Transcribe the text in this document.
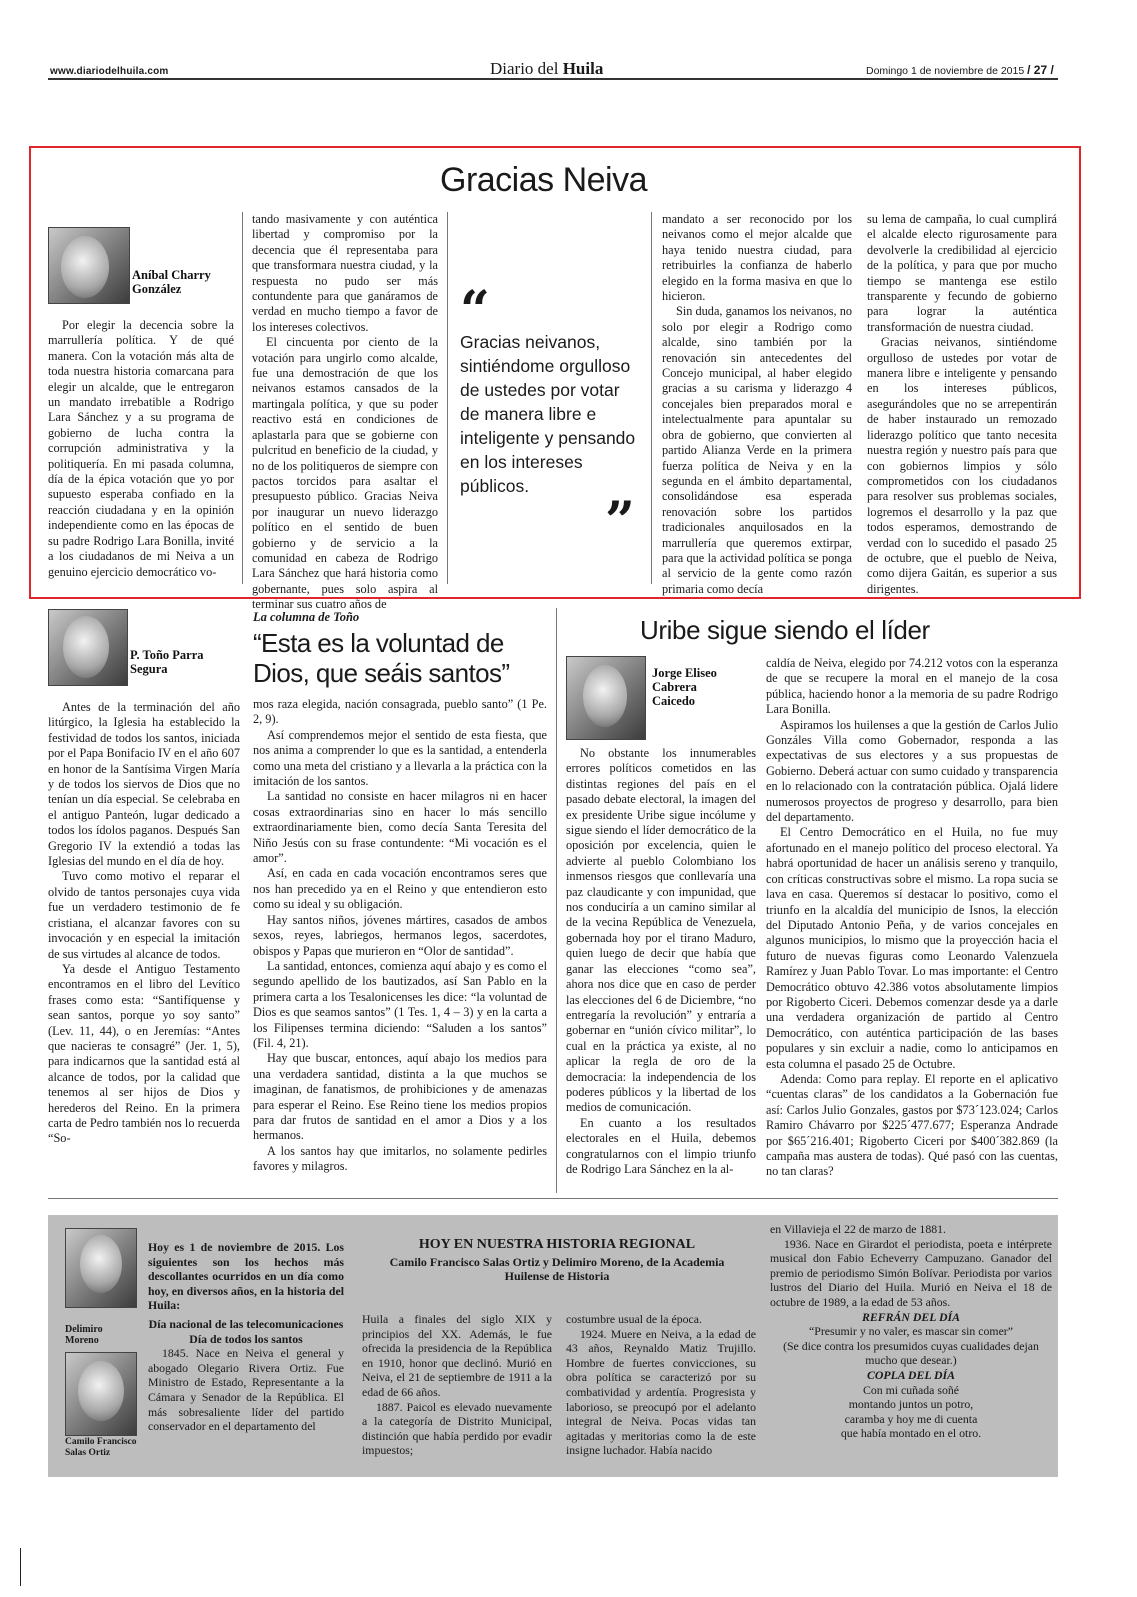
www.diariodelhuila.com	Diario del Huila	Domingo 1 de noviembre de 2015 / 27 /
Gracias Neiva
Aníbal Charry González

Por elegir la decencia sobre la marrullería política. Y de qué manera. Con la votación más alta de toda nuestra historia comarcana para elegir un alcalde, que le entregaron un mandato irrebatible a Rodrigo Lara Sánchez y a su programa de gobierno de lucha contra la corrupción administrativa y la politiquería. En mi pasada columna, día de la épica votación que yo por supuesto esperaba confiado en la reacción ciudadana y en la opinión independiente como en las épocas de su padre Rodrigo Lara Bonilla, invité a los ciudadanos de mi Neiva a un genuino ejercicio democrático vo-

tando masivamente y con auténtica libertad y compromiso por la decencia que él representaba para que transformara nuestra ciudad, y la respuesta no pudo ser más contundente para que ganáramos de verdad en mucho tiempo a favor de los intereses colectivos.

El cincuenta por ciento de la votación para ungirlo como alcalde, fue una demostración de que los neivanos estamos cansados de la martingala política, y que su poder reactivo está en condiciones de aplastarla para que se gobierne con pulcritud en beneficio de la ciudad, y no de los politiqueros de siempre con pactos torcidos para asaltar el presupuesto público. Gracias Neiva por inaugurar un nuevo liderazgo político en el sentido de buen gobierno y de servicio a la comunidad en cabeza de Rodrigo Lara Sánchez que hará historia como gobernante, pues solo aspira al terminar sus cuatro años de

“
Gracias neivanos, sintiéndome orgulloso de ustedes por votar de manera libre e inteligente y pensando en los intereses públicos.
”

mandato a ser reconocido por los neivanos como el mejor alcalde que haya tenido nuestra ciudad, para retribuirles la confianza de haberlo elegido en la forma masiva en que lo hicieron.

Sin duda, ganamos los neivanos, no solo por elegir a Rodrigo como alcalde, sino también por la renovación sin antecedentes del Concejo municipal, al haber elegido gracias a su carisma y liderazgo 4 concejales bien preparados moral e intelectualmente para apuntalar su obra de gobierno, que convierten al partido Alianza Verde en la primera fuerza política de Neiva y en la segunda en el ámbito departamental, consolidándose esa esperada renovación sobre los partidos tradicionales anquilosados en la marrullería que queremos extirpar, para que la actividad política se ponga al servicio de la gente como razón primaria como decía

su lema de campaña, lo cual cumplirá el alcalde electo rigurosamente para devolverle la credibilidad al ejercicio de la política, y para que por mucho tiempo se mantenga ese estilo transparente y fecundo de gobierno para lograr la auténtica transformación de nuestra ciudad.

Gracias neivanos, sintiéndome orgulloso de ustedes por votar de manera libre e inteligente y pensando en los intereses públicos, asegurándoles que no se arrepentirán de haber instaurado un remozado liderazgo político que tanto necesita nuestra región y nuestro país para que con gobiernos limpios y sólo comprometidos con los ciudadanos para resolver sus problemas sociales, logremos el desarrollo y la paz que todos esperamos, demostrando de verdad con lo sucedido el pasado 25 de octubre, que el pueblo de Neiva, como dijera Gaitán, es superior a sus dirigentes.

P. Toño Parra Segura
La columna de Toño
“Esta es la voluntad de Dios, que seáis santos”

Antes de la terminación del año litúrgico, la Iglesia ha establecido la festividad de todos los santos, iniciada por el Papa Bonifacio IV en el año 607 en honor de la Santísima Virgen María y de todos los siervos de Dios que no tenían un día especial. Se celebraba en el antiguo Panteón, lugar dedicado a todos los ídolos paganos. Después San Gregorio IV la extendió a todas las Iglesias del mundo en el día de hoy.

Tuvo como motivo el reparar el olvido de tantos personajes cuya vida fue un verdadero testimonio de fe cristiana, el alcanzar favores con su invocación y en especial la imitación de sus virtudes al alcance de todos.

Ya desde el Antiguo Testamento encontramos en el libro del Levítico frases como esta: “Santifíquense y sean santos, porque yo soy santo” (Lev. 11, 44), o en Jeremías: “Antes que nacieras te consagré” (Jer. 1, 5), para indicarnos que la santidad está al alcance de todos, por la calidad que tenemos al ser hijos de Dios y herederos del Reino. En la primera carta de Pedro también nos lo recuerda “So-

mos raza elegida, nación consagrada, pueblo santo” (1 Pe. 2, 9).

Así comprendemos mejor el sentido de esta fiesta, que nos anima a comprender lo que es la santidad, a entenderla como una meta del cristiano y a llevarla a la práctica con la imitación de los santos.

La santidad no consiste en hacer milagros ni en hacer cosas extraordinarias sino en hacer lo más sencillo extraordinariamente bien, como decía Santa Teresita del Niño Jesús con su frase contundente: “Mi vocación es el amor”.

Así, en cada en cada vocación encontramos seres que nos han precedido ya en el Reino y que entendieron esto como su ideal y su obligación.

Hay santos niños, jóvenes mártires, casados de ambos sexos, reyes, labriegos, hermanos legos, sacerdotes, obispos y Papas que murieron en “Olor de santidad”.

La santidad, entonces, comienza aquí abajo y es como el segundo apellido de los bautizados, así San Pablo en la primera carta a los Tesalonicenses les dice: “la voluntad de Dios es que seamos santos” (1 Tes. 1, 4 – 3) y en la carta a los Filipenses termina diciendo: “Saluden a los santos” (Fil. 4, 21).

Hay que buscar, entonces, aquí abajo los medios para una verdadera santidad, distinta a la que muchos se imaginan, de fanatismos, de prohibiciones y de amenazas para esperar el Reino. Ese Reino tiene los medios propios para dar frutos de santidad en el amor a Dios y a los hermanos.

A los santos hay que imitarlos, no solamente pedirles favores y milagros.

Uribe sigue siendo el líder
Jorge Eliseo Cabrera Caicedo

No obstante los innumerables errores políticos cometidos en las distintas regiones del país en el pasado debate electoral, la imagen del ex presidente Uribe sigue incólume y sigue siendo el líder democrático de la oposición por excelencia, quien le advierte al pueblo Colombiano los inmensos riesgos que conllevaría una paz claudicante y con impunidad, que nos conduciría a un camino similar al de la vecina República de Venezuela, gobernada hoy por el tirano Maduro, quien luego de decir que había que ganar las elecciones “como sea”, ahora nos dice que en caso de perder las elecciones del 6 de Diciembre, “no entregaría la revolución” y entraría a gobernar en “unión cívico militar”, lo cual en la práctica ya existe, al no aplicar la regla de oro de la democracia: la independencia de los poderes públicos y la libertad de los medios de comunicación.

En cuanto a los resultados electorales en el Huila, debemos congratularnos con el limpio triunfo de Rodrigo Lara Sánchez en la al-

caldía de Neiva, elegido por 74.212 votos con la esperanza de que se recupere la moral en el manejo de la cosa pública, haciendo honor a la memoria de su padre Rodrigo Lara Bonilla.

Aspiramos los huilenses a que la gestión de Carlos Julio Gonzáles Villa como Gobernador, responda a las expectativas de sus electores y a sus propuestas de Gobierno. Deberá actuar con sumo cuidado y transparencia en lo relacionado con la contratación pública. Ojalá lidere numerosos proyectos de progreso y desarrollo, para bien del departamento.

El Centro Democrático en el Huila, no fue muy afortunado en el manejo político del proceso electoral. Ya habrá oportunidad de hacer un análisis sereno y tranquilo, con críticas constructivas sobre el mismo. La ropa sucia se lava en casa. Queremos sí destacar lo positivo, como el triunfo en la alcaldía del municipio de Isnos, la elección del Diputado Antonio Peña, y de varios concejales en algunos municipios, lo mismo que la proyección hacia el futuro de nuevas figuras como Leonardo Valenzuela Ramírez y Juan Pablo Tovar. Lo mas importante: el Centro Democrático obtuvo 42.386 votos absolutamente limpios por Rigoberto Ciceri. Debemos comenzar desde ya a darle una verdadera organización de partido al Centro Democrático, con auténtica participación de las bases populares y sin excluir a nadie, como lo anticipamos en esta columna el pasado 25 de Octubre.

Adenda: Como para replay. El reporte en el aplicativo “cuentas claras” de los candidatos a la Gobernación fue así: Carlos Julio Gonzales, gastos por $73´123.024; Carlos Ramiro Chávarro por $225´477.677; Esperanza Andrade por $65´216.401; Rigoberto Ciceri por $400´382.869 (la campaña mas austera de todas). Qué pasó con las cuentas, no tan claras?

Delimiro Moreno
Camilo Francisco Salas Ortiz

Hoy es 1 de noviembre de 2015. Los siguientes son los hechos más descollantes ocurridos en un día como hoy, en diversos años, en la historia del Huila:

Día nacional de las telecomunicaciones

Día de todos los santos

1845. Nace en Neiva el general y abogado Olegario Rivera Ortiz. Fue Ministro de Estado, Representante a la Cámara y Senador de la República. El más sobresaliente líder del partido conservador en el departamento del

HOY EN NUESTRA HISTORIA REGIONAL
Camilo Francisco Salas Ortiz y Delimiro Moreno, de la Academia Huilense de Historia

Huila a finales del siglo XIX y principios del XX. Además, le fue ofrecida la presidencia de la República en 1910, honor que declinó. Murió en Neiva, el 21 de septiembre de 1911 a la edad de 66 años.

1887. Paicol es elevado nuevamente a la categoría de Distrito Municipal, distinción que había perdido por evadir impuestos;

costumbre usual de la época.

1924. Muere en Neiva, a la edad de 43 años, Reynaldo Matiz Trujillo. Hombre de fuertes convicciones, su obra política se caracterizó por su combatividad y ardentía. Progresista y laborioso, se preocupó por el adelanto integral de Neiva. Pocas vidas tan agitadas y meritorias como la de este insigne luchador. Había nacido

en Villavieja el 22 de marzo de 1881.

1936. Nace en Girardot el periodista, poeta e intérprete musical don Fabio Echeverry Campuzano. Ganador del premio de periodismo Simón Bolívar. Periodista por varios lustros del Diario del Huila. Murió en Neiva el 18 de octubre de 1989, a la edad de 53 años.

REFRÁN DEL DÍA
“Presumir y no valer, es mascar sin comer”
(Se dice contra los presumidos cuyas cualidades dejan mucho que desear.)
COPLA DEL DÍA
Con mi cuñada soñé
montando juntos un potro,
caramba y hoy me di cuenta
que había montado en el otro.
